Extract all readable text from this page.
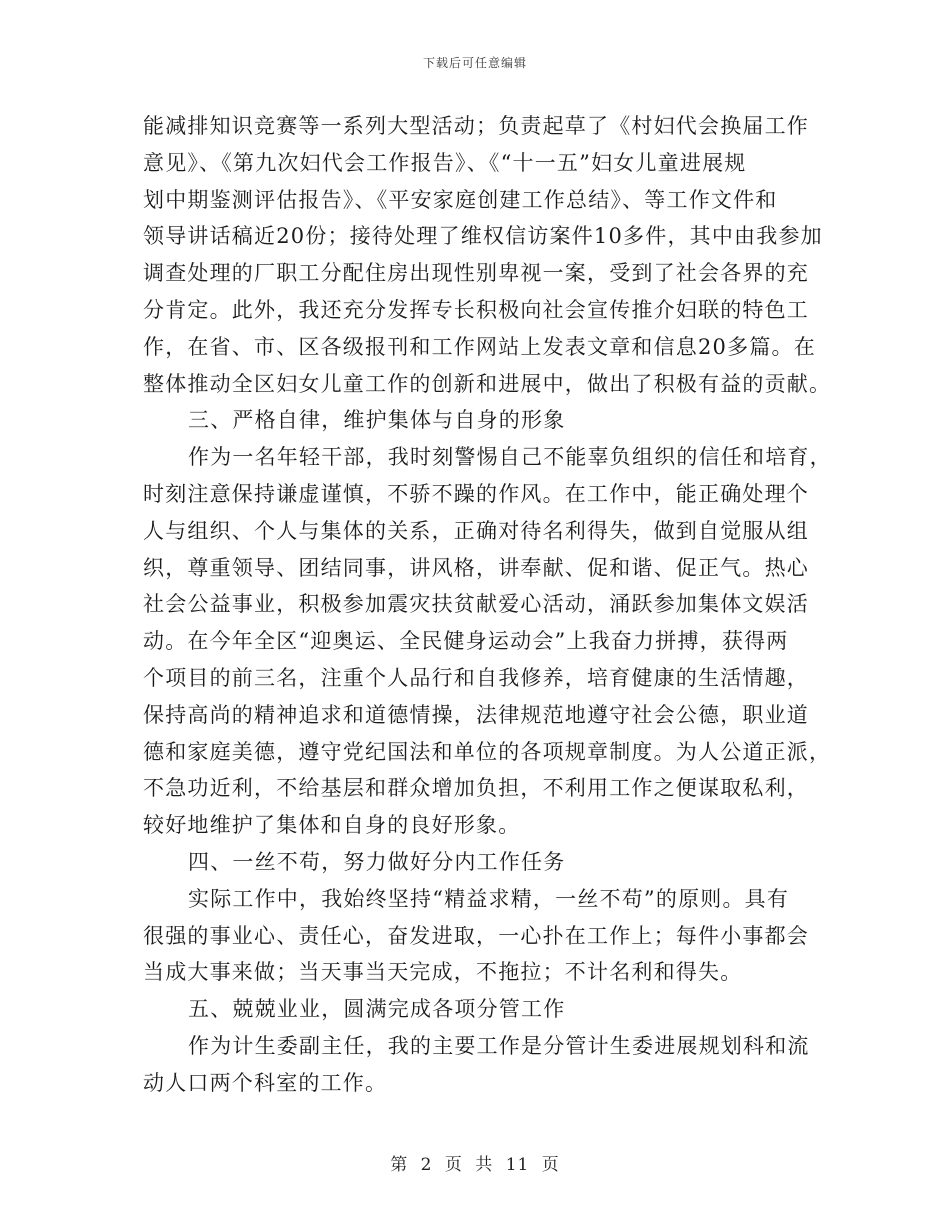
下载后可任意编辑
能减排知识竞赛等一系列大型活动；负责起草了《村妇代会换届工作
意见》、《第九次妇代会工作报告》、《“十一五”妇女儿童进展规
划中期鉴测评估报告》、《平安家庭创建工作总结》、等工作文件和
领导讲话稿近20份；接待处理了维权信访案件10多件，其中由我参加
调查处理的厂职工分配住房出现性别卑视一案，受到了社会各界的充
分肯定。此外，我还充分发挥专长积极向社会宣传推介妇联的特色工
作，在省、市、区各级报刊和工作网站上发表文章和信息20多篇。在
整体推动全区妇女儿童工作的创新和进展中，做出了积极有益的贡献。
三、严格自律，维护集体与自身的形象
作为一名年轻干部，我时刻警惕自己不能辜负组织的信任和培育，
时刻注意保持谦虚谨慎，不骄不躁的作风。在工作中，能正确处理个
人与组织、个人与集体的关系，正确对待名利得失，做到自觉服从组
织，尊重领导、团结同事，讲风格，讲奉献、促和谐、促正气。热心
社会公益事业，积极参加震灾扶贫献爱心活动，涌跃参加集体文娱活
动。在今年全区“迎奥运、全民健身运动会”上我奋力拼搏，获得两
个项目的前三名，注重个人品行和自我修养，培育健康的生活情趣，
保持高尚的精神追求和道德情操，法律规范地遵守社会公德，职业道
德和家庭美德，遵守党纪国法和单位的各项规章制度。为人公道正派，
不急功近利，不给基层和群众增加负担，不利用工作之便谋取私利，
较好地维护了集体和自身的良好形象。
四、一丝不苟，努力做好分内工作任务
实际工作中，我始终坚持“精益求精，一丝不苟”的原则。具有
很强的事业心、责任心，奋发进取，一心扑在工作上；每件小事都会
当成大事来做；当天事当天完成，不拖拉；不计名利和得失。
五、兢兢业业，圆满完成各项分管工作
作为计生委副主任，我的主要工作是分管计生委进展规划科和流
动人口两个科室的工作。
第 2 页 共 11 页
